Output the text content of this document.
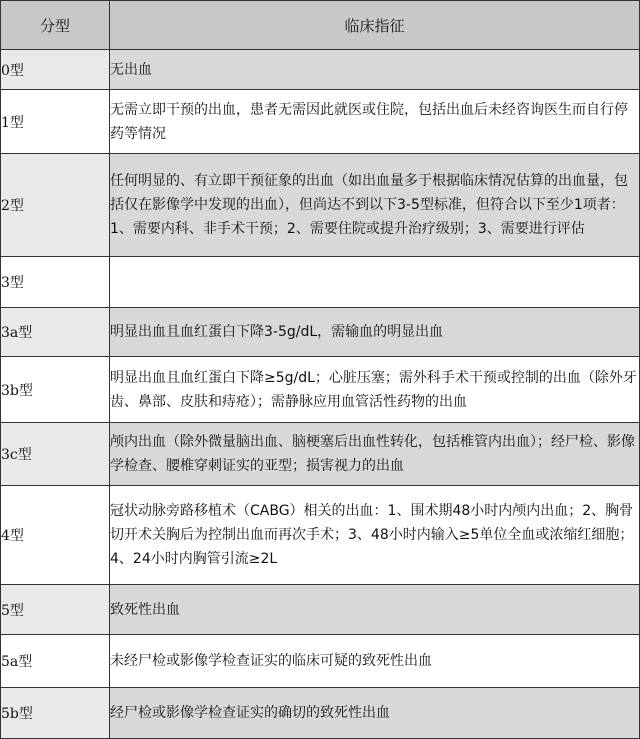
分型	临床指征
0型	无出血
1型	无需立即干预的出血，患者无需因此就医或住院，包括出血后未经咨询医生而自行停药等情况
2型	任何明显的、有立即干预征象的出血（如出血量多于根据临床情况估算的出血量，包括仅在影像学中发现的出血），但尚达不到以下3-5型标准，但符合以下至少1项者：1、需要内科、非手术干预；2、需要住院或提升治疗级别；3、需要进行评估
3型	
3a型	明显出血且血红蛋白下降3-5g/dL，需输血的明显出血
3b型	明显出血且血红蛋白下降≥5g/dL；心脏压塞；需外科手术干预或控制的出血（除外牙齿、鼻部、皮肤和痔疮）；需静脉应用血管活性药物的出血
3c型	颅内出血（除外微量脑出血、脑梗塞后出血性转化，包括椎管内出血）；经尸检、影像学检查、腰椎穿刺证实的亚型；损害视力的出血
4型	冠状动脉旁路移植术（CABG）相关的出血：1、围术期48小时内颅内出血；2、胸骨切开术关胸后为控制出血而再次手术；3、48小时内输入≥5单位全血或浓缩红细胞；4、24小时内胸管引流≥2L
5型	致死性出血
5a型	未经尸检或影像学检查证实的临床可疑的致死性出血
5b型	经尸检或影像学检查证实的确切的致死性出血
